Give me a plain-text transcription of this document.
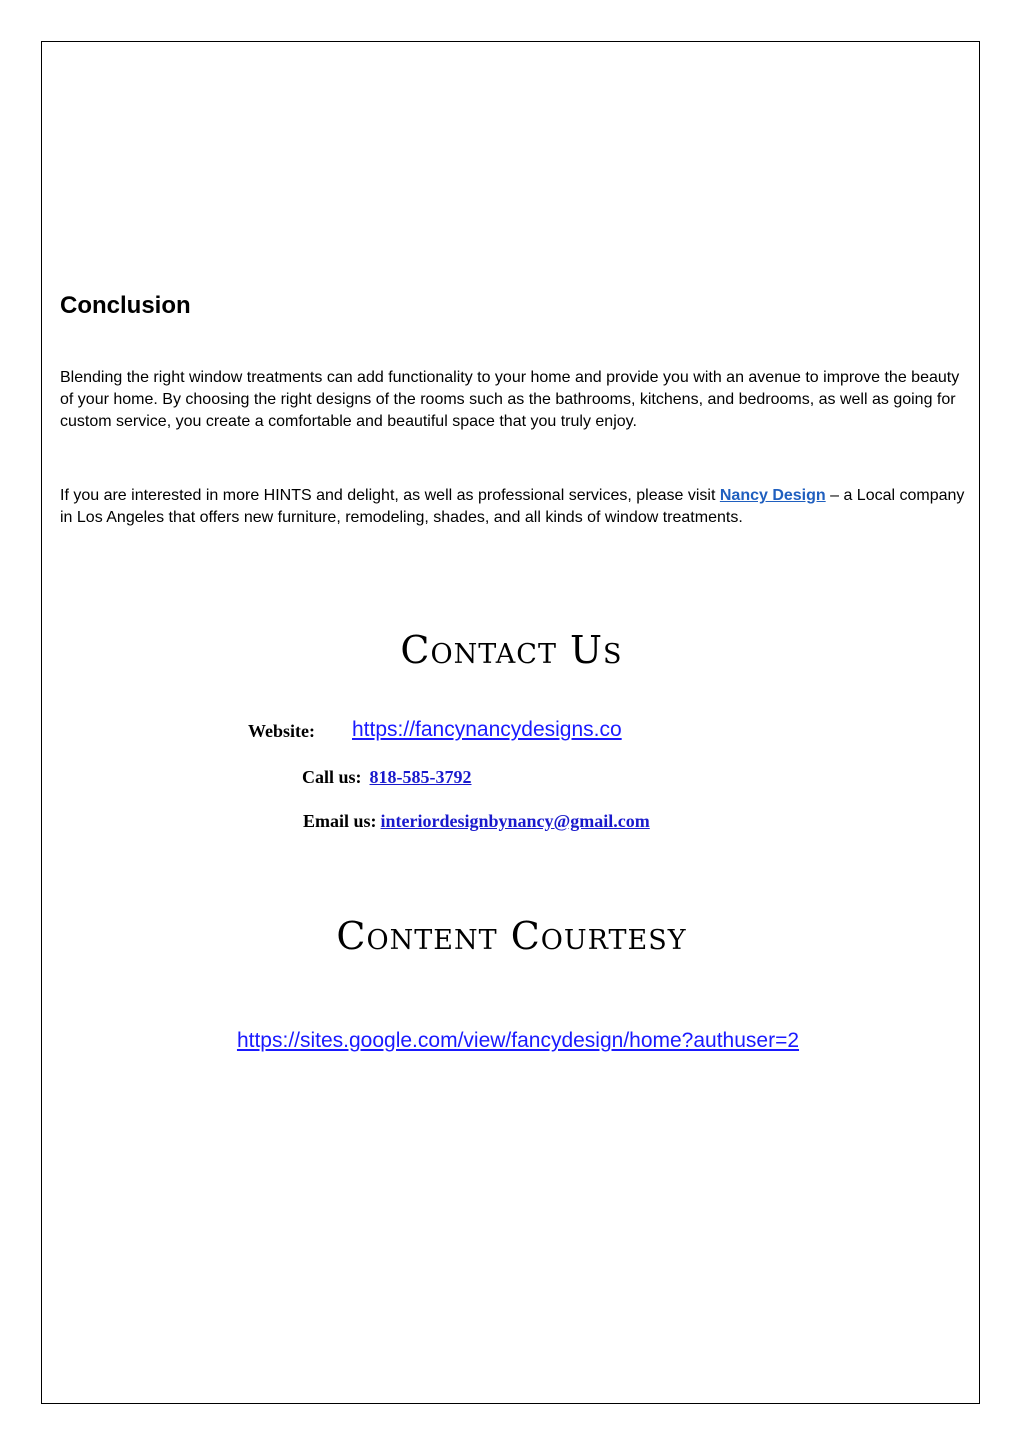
Conclusion

Blending the right window treatments can add functionality to your home and provide you with an avenue to improve the beauty of your home. By choosing the right designs of the rooms such as the bathrooms, kitchens, and bedrooms, as well as going for custom service, you create a comfortable and beautiful space that you truly enjoy.

If you are interested in more HINTS and delight, as well as professional services, please visit Nancy Design – a Local company in Los Angeles that offers new furniture, remodeling, shades, and all kinds of window treatments.

Contact Us
Website: https://fancynancydesigns.co
Call us: 818-585-3792
Email us: interiordesignbynancy@gmail.com
Content Courtesy
https://sites.google.com/view/fancydesign/home?authuser=2
